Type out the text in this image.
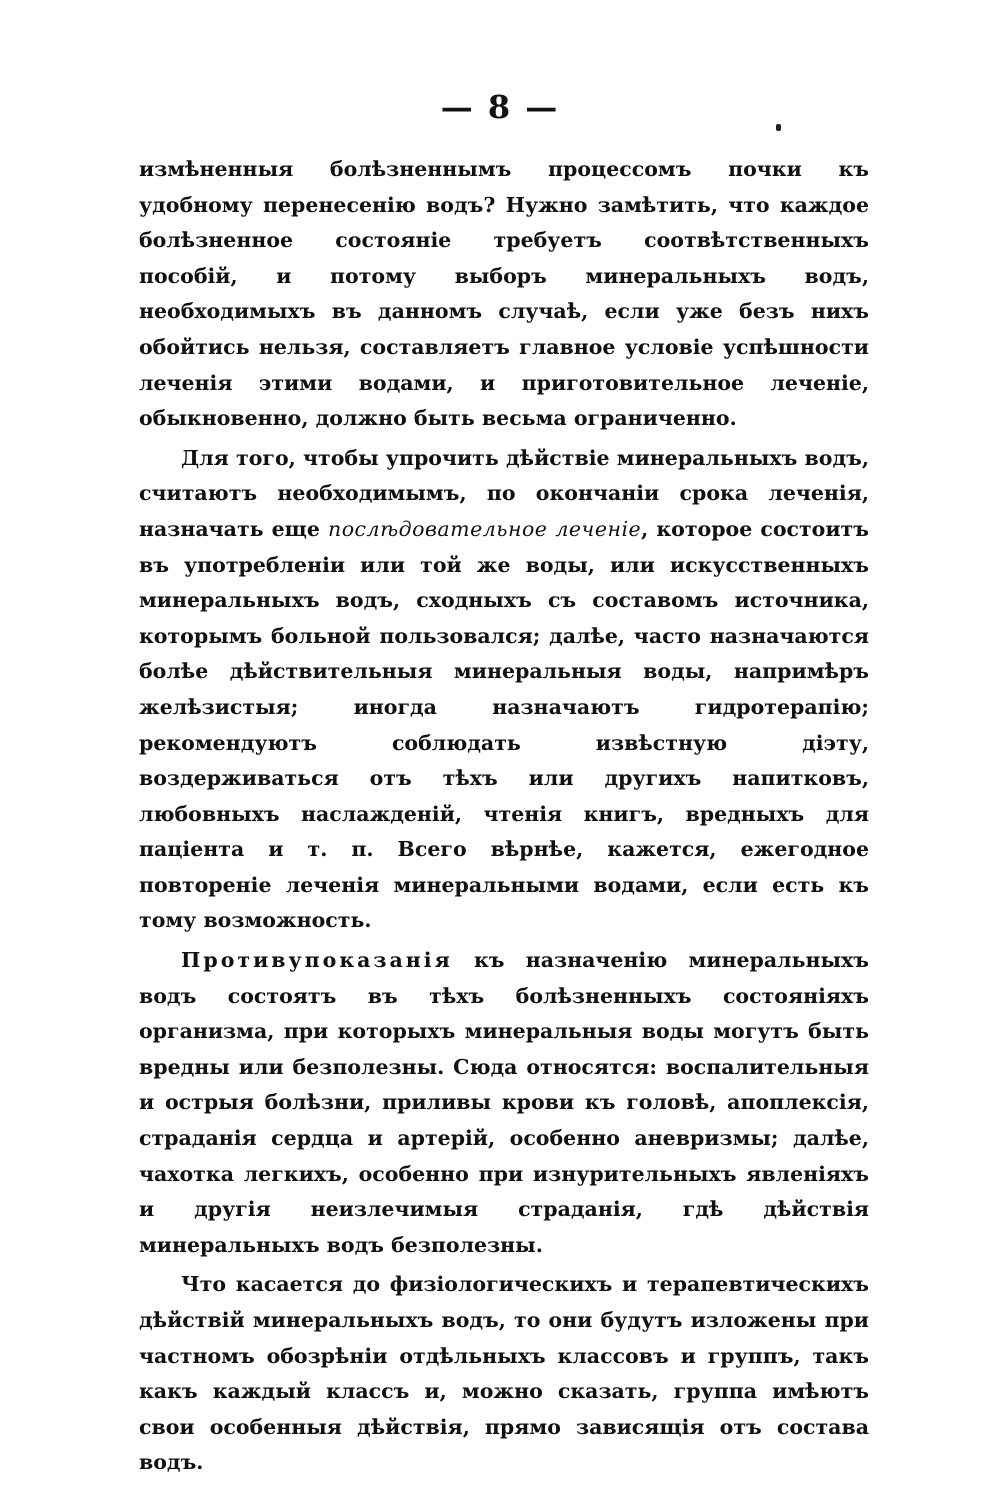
— 8 —

измѣненныя болѣзненнымъ процессомъ почки къ удобному перенесенію водъ? Нужно замѣтить, что каждое болѣзненное состояніе требуетъ соотвѣтственныхъ пособій, и потому выборъ минеральныхъ водъ, необходимыхъ въ данномъ случаѣ, если уже безъ нихъ обойтись нельзя, составляетъ главное условіе успѣшности леченія этими водами, и приготовительное леченіе, обыкновенно, должно быть весьма ограниченно.

Для того, чтобы упрочить дѣйствіе минеральныхъ водъ, считаютъ необходимымъ, по окончаніи срока леченія, назначать еще послѣдовательное леченіе, которое состоитъ въ употребленіи или той же воды, или искусственныхъ минеральныхъ водъ, сходныхъ съ составомъ источника, которымъ больной пользовался; далѣе, часто назначаются болѣе дѣйствительныя минеральныя воды, напримѣръ желѣзистыя; иногда назначаютъ гидротерапію; рекомендуютъ соблюдать извѣстную діэту, воздерживаться отъ тѣхъ или другихъ напитковъ, любовныхъ наслажденій, чтенія книгъ, вредныхъ для паціента и т. п. Всего вѣрнѣе, кажется, ежегодное повтореніе леченія минеральными водами, если есть къ тому возможность.

Противупоказанія къ назначенію минеральныхъ водъ состоятъ въ тѣхъ болѣзненныхъ состояніяхъ организма, при которыхъ минеральныя воды могутъ быть вредны или безполезны. Сюда относятся: воспалительныя и острыя болѣзни, приливы крови къ головѣ, апоплексія, страданія сердца и артерій, особенно аневризмы; далѣе, чахотка легкихъ, особенно при изнурительныхъ явленіяхъ и другія неизлечимыя страданія, гдѣ дѣйствія минеральныхъ водъ безполезны.

Что касается до физіологическихъ и терапевтическихъ дѣйствій минеральныхъ водъ, то они будутъ изложены при частномъ обозрѣніи отдѣльныхъ классовъ и группъ, такъ какъ каждый классъ и, можно сказать, группа имѣютъ свои особенныя дѣйствія, прямо зависящія отъ состава водъ.
